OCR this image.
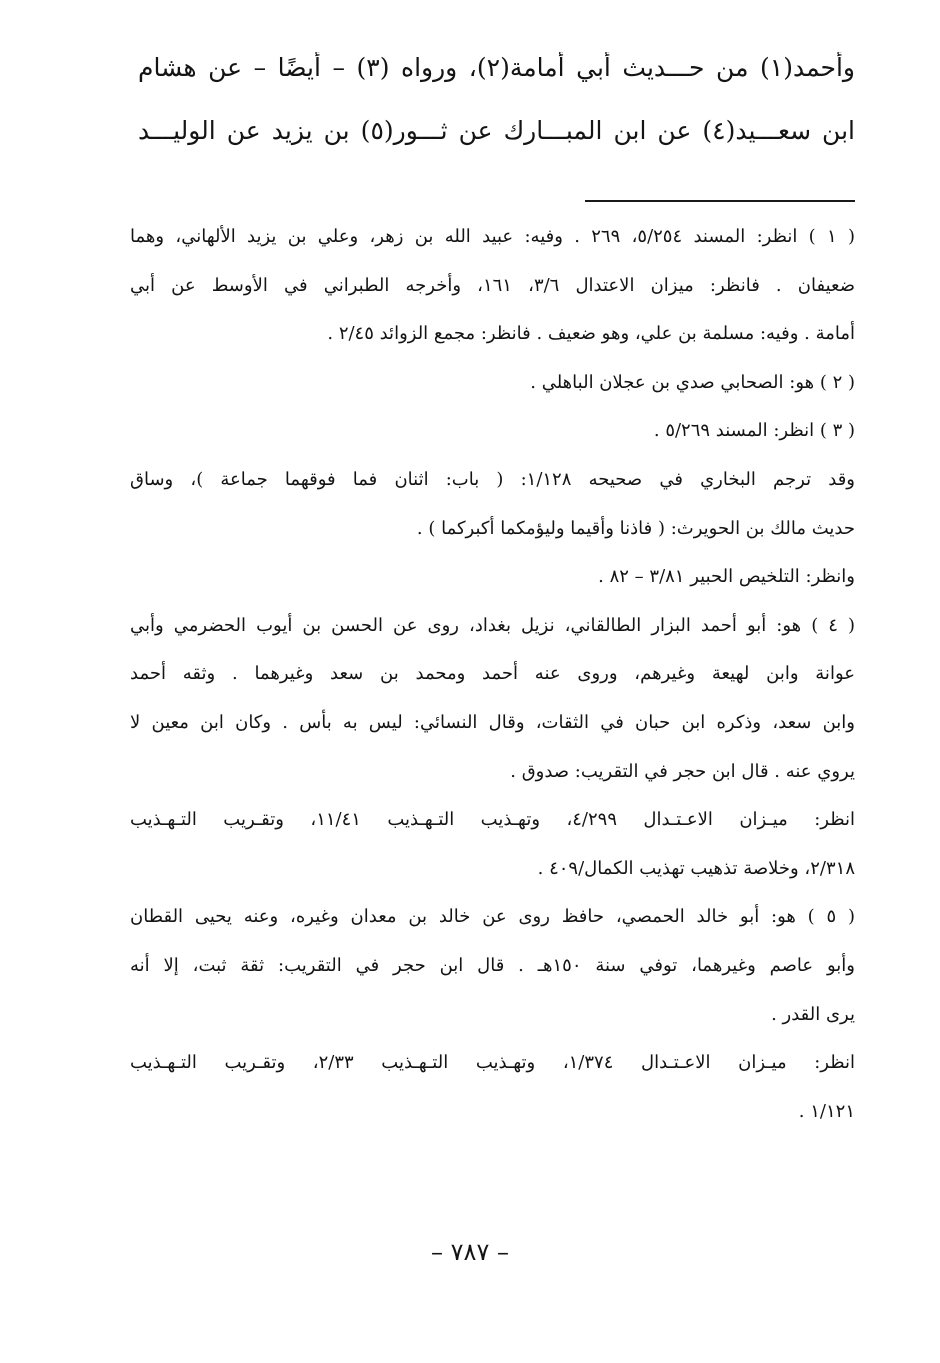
وأحمد(١) من حـــديث أبي أمامة(٢)، ورواه (٣) – أيضًا – عن هشام
ابن سعـــيد(٤) عن ابن المبـــارك عن ثـــور(٥) بن يزيد عن الوليـــد
( ١ ) انظر: المسند ٥/٢٥٤، ٢٦٩ . وفيه: عبيد الله بن زهر، وعلي بن يزيد الألهاني، وهما
ضعيفان . فانظر: ميزان الاعتدال ٣/٦، ١٦١، وأخرجه الطبراني في الأوسط عن أبي
أمامة . وفيه: مسلمة بن علي، وهو ضعيف . فانظر: مجمع الزوائد ٢/٤٥ .
( ٢ ) هو: الصحابي صدي بن عجلان الباهلي .
( ٣ ) انظر: المسند ٥/٢٦٩ .
وقد ترجم البخاري في صحيحه ١/١٢٨: ( باب: اثنان فما فوقهما جماعة )، وساق
حديث مالك بن الحويرث: ( فاذنا وأقيما وليؤمكما أكبركما ) .
وانظر: التلخيص الحبير ٣/٨١ – ٨٢ .
( ٤ ) هو: أبو أحمد البزار الطالقاني، نزيل بغداد، روى عن الحسن بن أيوب الحضرمي وأبي
عوانة وابن لهيعة وغيرهم، وروى عنه أحمد ومحمد بن سعد وغيرهما . وثقه أحمد
وابن سعد، وذكره ابن حبان في الثقات، وقال النسائي: ليس به بأس . وكان ابن معين لا
يروي عنه . قال ابن حجر في التقريب: صدوق .
انظر: ميـزان الاعـتـدال ٤/٢٩٩، وتهـذيب التـهـذيب ١١/٤١، وتقـريب التـهـذيب
٢/٣١٨، وخلاصة تذهيب تهذيب الكمال/٤٠٩ .
( ٥ ) هو: أبو خالد الحمصي، حافظ روى عن خالد بن معدان وغيره، وعنه يحيى القطان
وأبو عاصم وغيرهما، توفي سنة ١٥٠هـ . قال ابن حجر في التقريب: ثقة ثبت، إلا أنه
يرى القدر .
انظر: ميـزان الاعـتـدال ١/٣٧٤، وتهـذيب التـهـذيب ٢/٣٣، وتقـريب التـهـذيب
١/١٢١ .
– ٧٨٧ –
